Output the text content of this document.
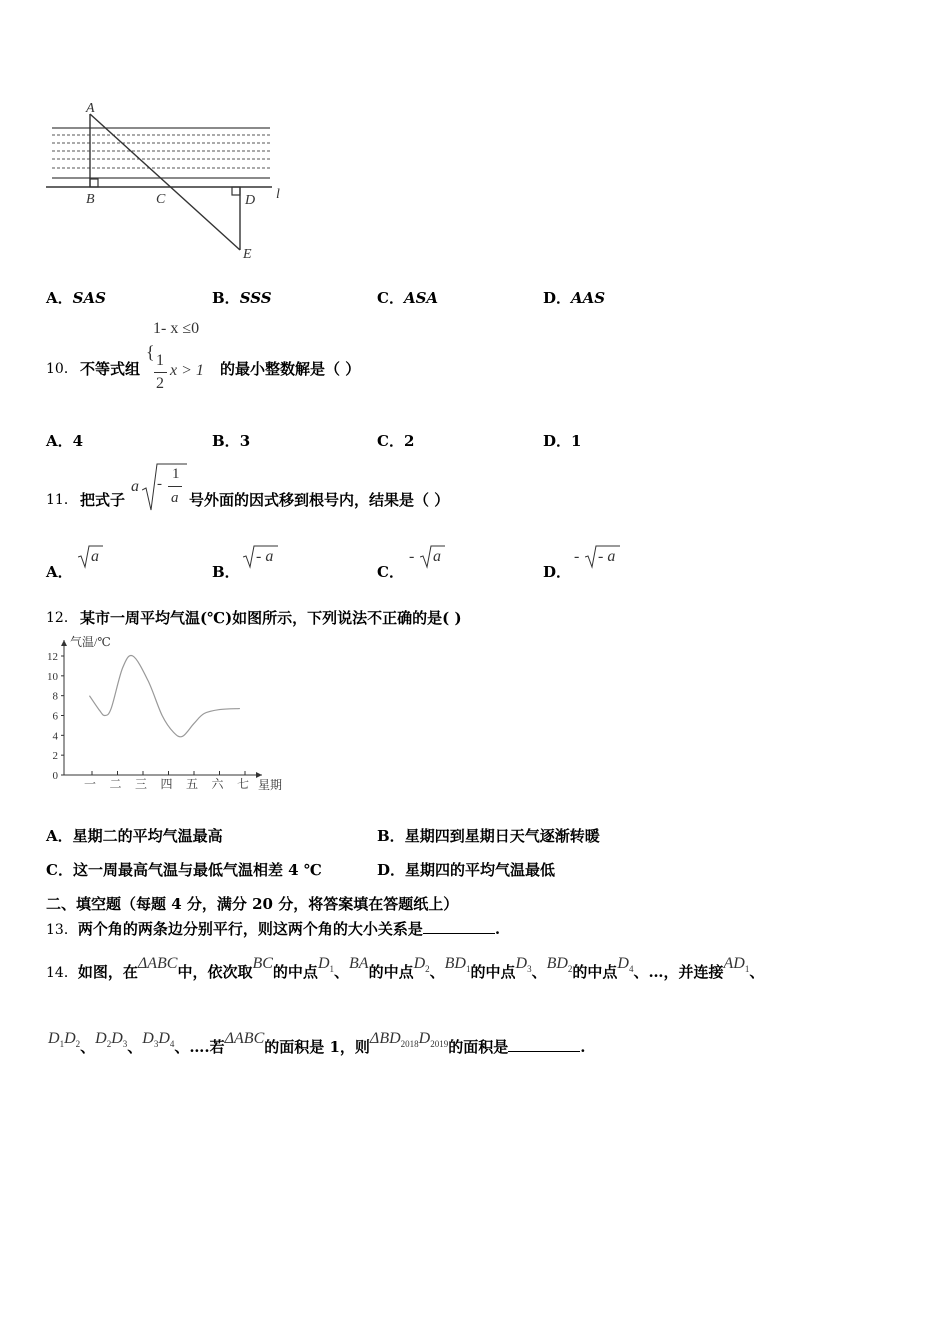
A
B	C	D l
E
A．SAS	B．SSS	C．ASA	D．AAS
1- x ≤0
10． 不等式组
{ 1
2
x > 1 的最小整数解是（ ）
A．4	B．3	C．2	D．1
11． 把式子
a -
1
a 号外面的因式移到根号内，结果是（ ）
A．
a
B．
- a
C．
- a
D．
- - a
12． 某市一周平均气温(℃)如图所示，下列说法不正确的是( )
气温/℃
星期
0
2
4
6
8
10
12
一 二 三 四 五 六 七
A．星期二的平均气温最高	B．星期四到星期日天气逐渐转暖
C．这一周最高气温与最低气温相差 4 ℃	D．星期四的平均气温最低
二、填空题（每题 4 分，满分 20 分，将答案填在答题纸上）
13．两个角的两条边分别平行，则这两个角的大小关系是	.
14．如图，在ΔABC中，依次取BC的中点$D_1$、BA的中点$D_2$、$BD_1$的中点$D_3$、$BD_2$的中点$D_4$、…，并连接$AD_1$、
$D_1D_2$、$D_2D_3$、$D_3D_4$、….若ΔABC的面积是 1，则$\Delta BD_{2018}D_{2019}$的面积是	.
